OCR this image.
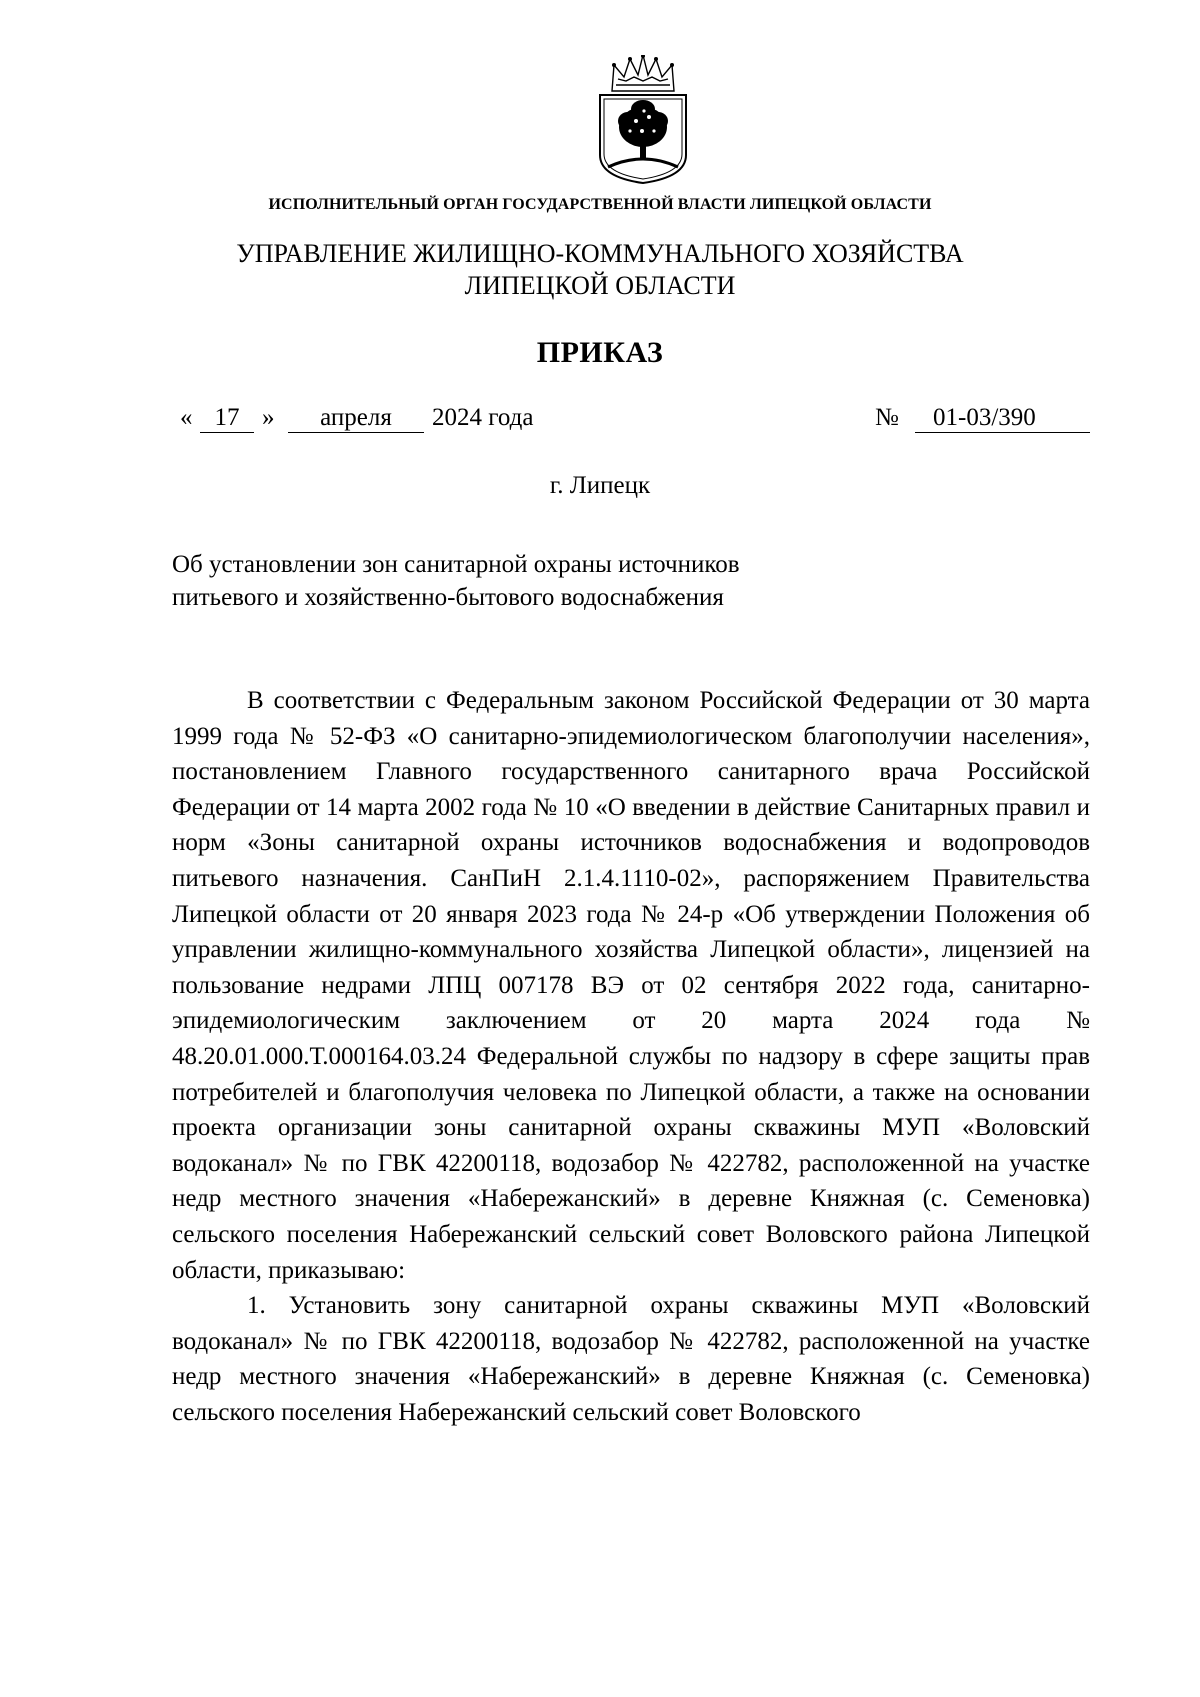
ИСПОЛНИТЕЛЬНЫЙ ОРГАН ГОСУДАРСТВЕННОЙ ВЛАСТИ ЛИПЕЦКОЙ ОБЛАСТИ
УПРАВЛЕНИЕ ЖИЛИЩНО-КОММУНАЛЬНОГО ХОЗЯЙСТВА
ЛИПЕЦКОЙ ОБЛАСТИ
ПРИКАЗ
« 17 »	апреля	2024 года	№	01-03/390
г. Липецк
Об установлении зон санитарной охраны источников питьевого и хозяйственно-бытового водоснабжения

В соответствии с Федеральным законом Российской Федерации от 30 марта 1999 года № 52-ФЗ «О санитарно-эпидемиологическом благополучии населения», постановлением Главного государственного санитарного врача Российской Федерации от 14 марта 2002 года № 10 «О введении в действие Санитарных правил и норм «Зоны санитарной охраны источников водоснабжения и водопроводов питьевого назначения. СанПиН 2.1.4.1110-02», распоряжением Правительства Липецкой области от 20 января 2023 года № 24-р «Об утверждении Положения об управлении жилищно-коммунального хозяйства Липецкой области», лицензией на пользование недрами ЛПЦ 007178 ВЭ от 02 сентября 2022 года, санитарно-эпидемиологическим заключением от 20 марта 2024 года № 48.20.01.000.Т.000164.03.24 Федеральной службы по надзору в сфере защиты прав потребителей и благополучия человека по Липецкой области, а также на основании проекта организации зоны санитарной охраны скважины МУП «Воловский водоканал» № по ГВК 42200118, водозабор № 422782, расположенной на участке недр местного значения «Набережанский» в деревне Княжная (с. Семеновка) сельского поселения Набережанский сельский совет Воловского района Липецкой области, приказываю:

1. Установить зону санитарной охраны скважины МУП «Воловский водоканал» № по ГВК 42200118, водозабор № 422782, расположенной на участке недр местного значения «Набережанский» в деревне Княжная (с. Семеновка) сельского поселения Набережанский сельский совет Воловского
